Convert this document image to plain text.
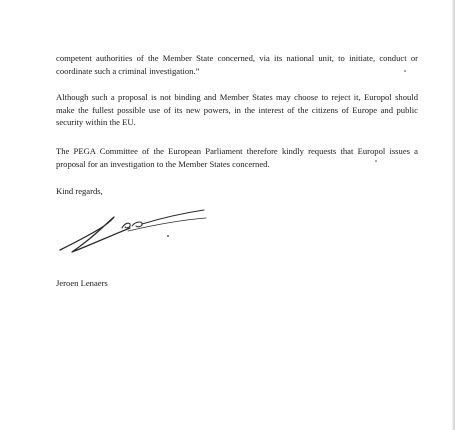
competent authorities of the Member State concerned, via its national unit, to initiate, conduct or coordinate such a criminal investigation.”

Although such a proposal is not binding and Member States may choose to reject it, Europol should make the fullest possible use of its new powers, in the interest of the citizens of Europe and public security within the EU.

The PEGA Committee of the European Parliament therefore kindly requests that Europol issues a proposal for an investigation to the Member States concerned.

Kind regards,

Jeroen Lenaers
